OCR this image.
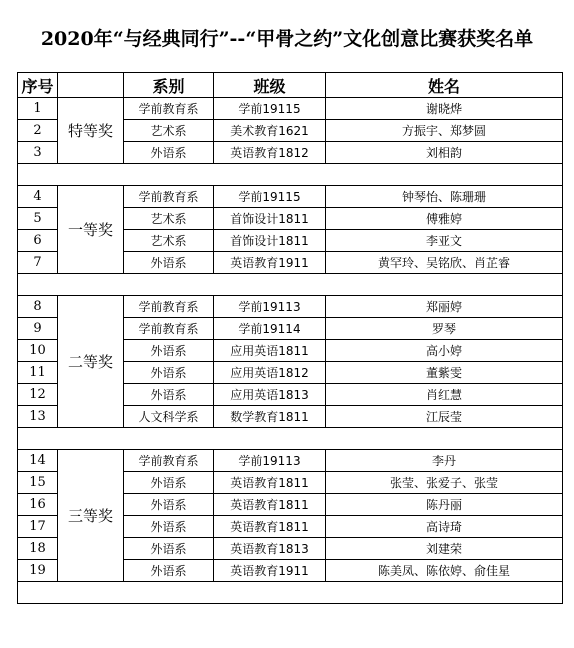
2020年“与经典同行”--“甲骨之约”文化创意比赛获奖名单
序号		系别	班级	姓名
1	特等奖	学前教育系	学前19115	谢晓烨
2		艺术系	美术教育1621	方振宇、郑梦圆
3		外语系	英语教育1812	刘相韵

4	一等奖	学前教育系	学前19115	钟琴怡、陈珊珊
5		艺术系	首饰设计1811	傅雅婷
6		艺术系	首饰设计1811	李亚文
7		外语系	英语教育1911	黄罕玲、吴铭欣、肖芷睿

8	二等奖	学前教育系	学前19113	郑丽婷
9		学前教育系	学前19114	罗琴
10		外语系	应用英语1811	高小婷
11		外语系	应用英语1812	董紫雯
12		外语系	应用英语1813	肖红慧
13		人文科学系	数学教育1811	江辰莹

14	三等奖	学前教育系	学前19113	李丹
15		外语系	英语教育1811	张莹、张爱子、张莹
16		外语系	英语教育1811	陈丹丽
17		外语系	英语教育1811	高诗琦
18		外语系	英语教育1813	刘建荣
19		外语系	英语教育1911	陈美凤、陈依婷、俞佳星
